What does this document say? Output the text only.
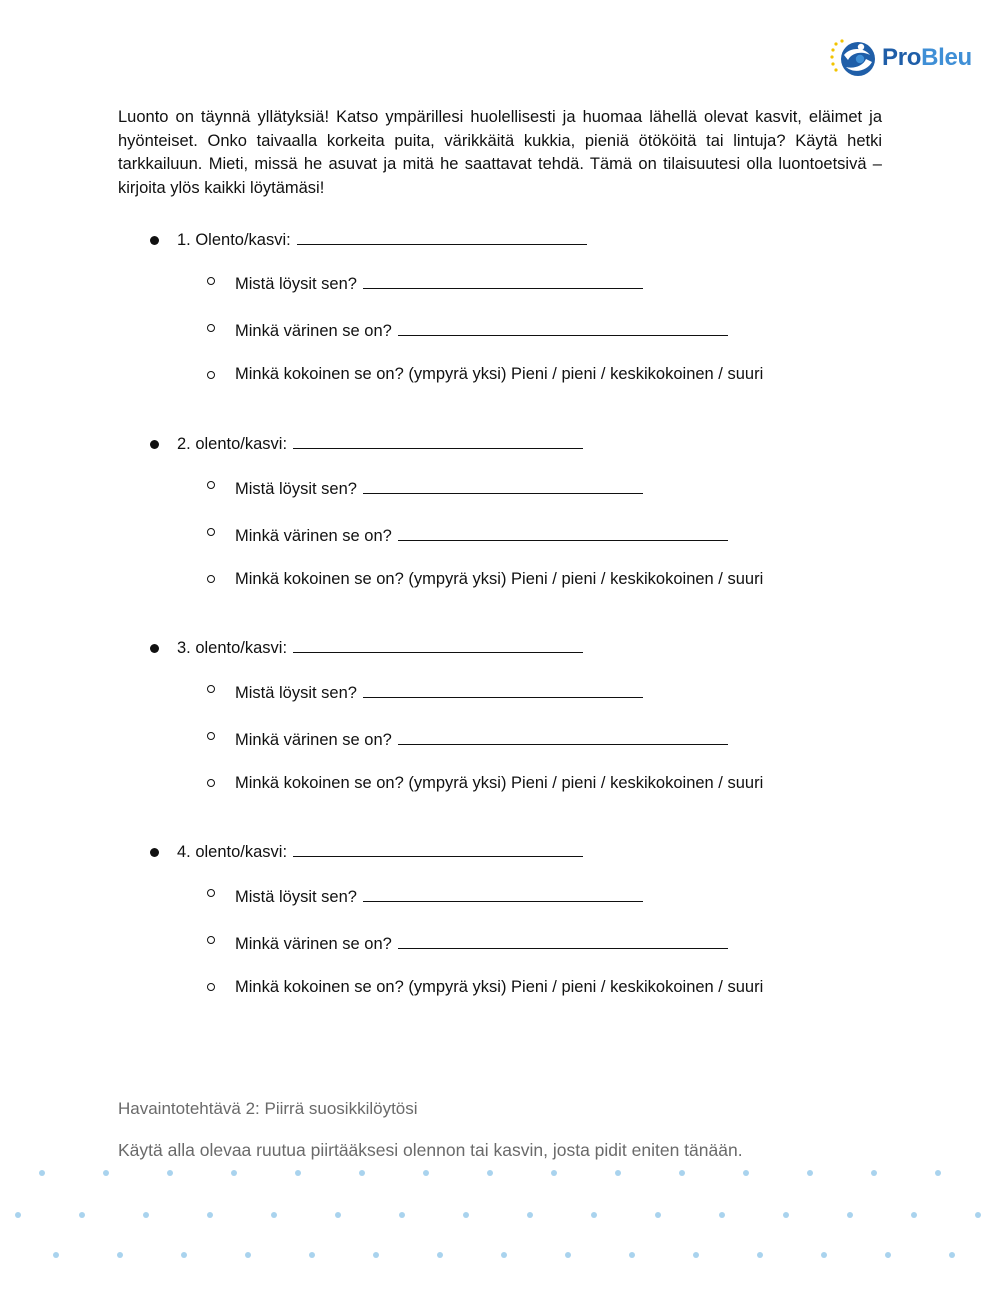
ProBleu

Luonto on täynnä yllätyksiä! Katso ympärillesi huolellisesti ja huomaa lähellä olevat kasvit, eläimet ja hyönteiset. Onko taivaalla korkeita puita, värikkäitä kukkia, pieniä ötököitä tai lintuja? Käytä hetki tarkkailuun. Mieti, missä he asuvat ja mitä he saattavat tehdä. Tämä on tilaisuutesi olla luontoetsivä – kirjoita ylös kaikki löytämäsi!

1. Olento/kasvi:
Mistä löysit sen?
Minkä värinen se on?
Minkä kokoinen se on? (ympyrä yksi) Pieni / pieni / keskikokoinen / suuri
2. olento/kasvi:
Mistä löysit sen?
Minkä värinen se on?
Minkä kokoinen se on? (ympyrä yksi) Pieni / pieni / keskikokoinen / suuri
3. olento/kasvi:
Mistä löysit sen?
Minkä värinen se on?
Minkä kokoinen se on? (ympyrä yksi) Pieni / pieni / keskikokoinen / suuri
4. olento/kasvi:
Mistä löysit sen?
Minkä värinen se on?
Minkä kokoinen se on? (ympyrä yksi) Pieni / pieni / keskikokoinen / suuri
Havaintotehtävä 2: Piirrä suosikkilöytösi

Käytä alla olevaa ruutua piirtääksesi olennon tai kasvin, josta pidit eniten tänään.
